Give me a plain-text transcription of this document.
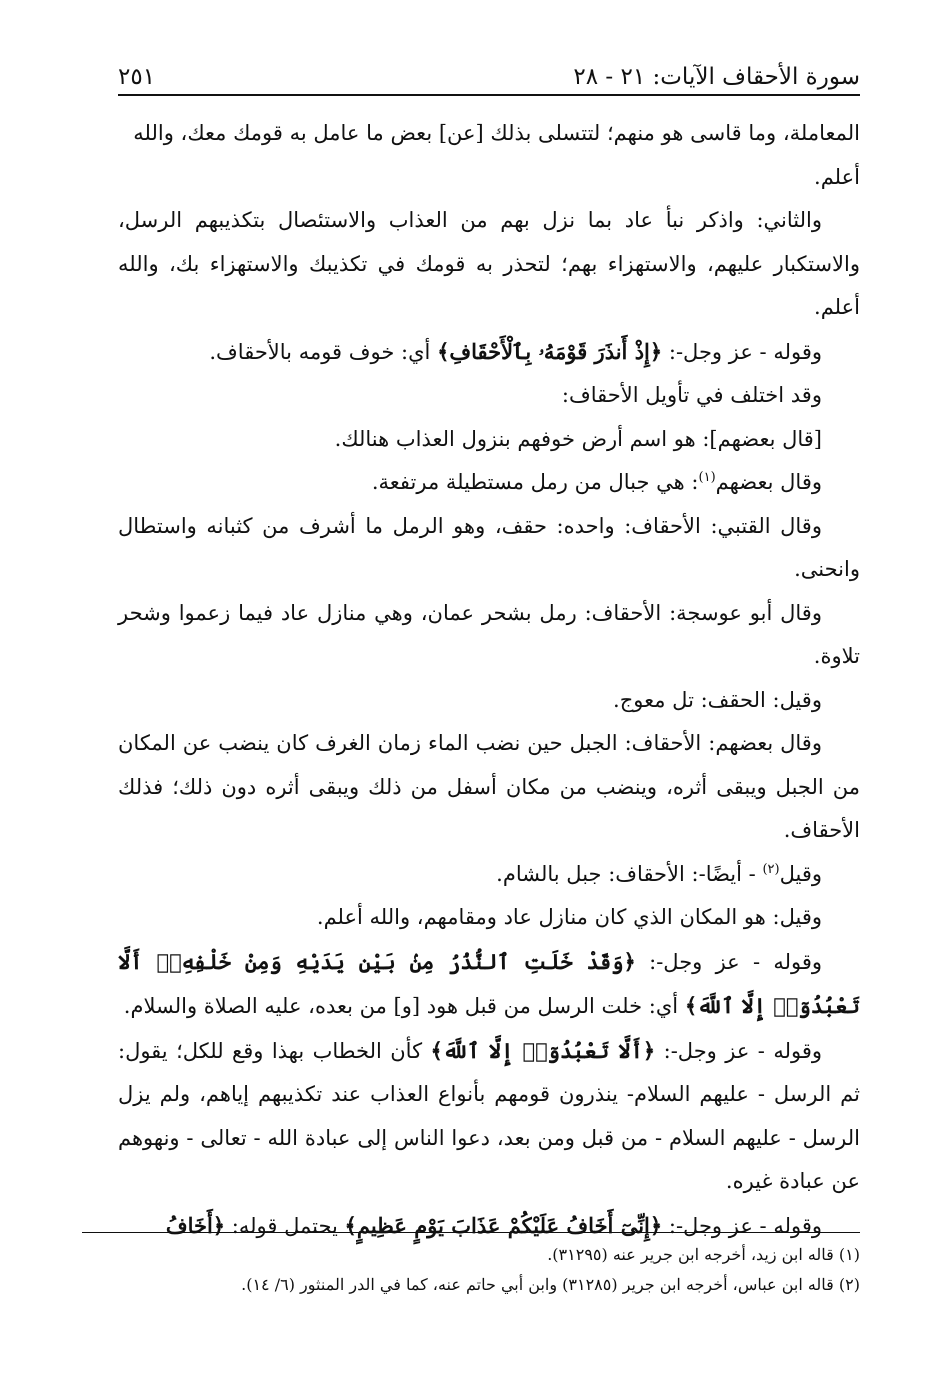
سورة الأحقاف الآيات: ٢١ - ٢٨
٢٥١

المعاملة، وما قاسى هو منهم؛ لتتسلى بذلك [عن] بعض ما عامل به قومك معك، والله
أعلم.

والثاني: واذكر نبأ عاد بما نزل بهم من العذاب والاستئصال بتكذيبهم الرسل، والاستكبار عليهم، والاستهزاء بهم؛ لتحذر به قومك في تكذيبك والاستهزاء بك، والله أعلم.

وقوله - عز وجل-: ﴿إِذْ أَنذَرَ قَوْمَهُۥ بِٱلْأَحْقَافِ﴾ أي: خوف قومه بالأحقاف.

وقد اختلف في تأويل الأحقاف:

[قال بعضهم]: هو اسم أرض خوفهم بنزول العذاب هنالك.

وقال بعضهم$^{(١)}$: هي جبال من رمل مستطيلة مرتفعة.

وقال القتبي: الأحقاف: واحده: حقف، وهو الرمل ما أشرف من كثبانه واستطال وانحنى.

وقال أبو عوسجة: الأحقاف: رمل بشحر عمان، وهي منازل عاد فيما زعموا وشحر تلاوة.

وقيل: الحقف: تل معوج.

وقال بعضهم: الأحقاف: الجبل حين نضب الماء زمان الغرف كان ينضب عن المكان من الجبل ويبقى أثره، وينضب من مكان أسفل من ذلك ويبقى أثره دون ذلك؛ فذلك الأحقاف.

وقيل$^{(٢)}$ - أيضًا-: الأحقاف: جبل بالشام.

وقيل: هو المكان الذي كان منازل عاد ومقامهم، والله أعلم.

وقوله - عز وجل-: ﴿وَقَدْ خَلَتِ ٱلنُّذُرُ مِنۢ بَيْنِ يَدَيْهِ وَمِنْ خَلْفِهِۦٓ أَلَّا تَعْبُدُوٓا۟ إِلَّا ٱللَّهَ﴾ أي: خلت الرسل من قبل هود [و] من بعده، عليه الصلاة والسلام.

وقوله - عز وجل-: ﴿أَلَّا تَعْبُدُوٓا۟ إِلَّا ٱللَّهَ﴾ كأن الخطاب بهذا وقع للكل؛ يقول: ثم الرسل - عليهم السلام- ينذرون قومهم بأنواع العذاب عند تكذيبهم إياهم، ولم يزل الرسل - عليهم السلام - من قبل ومن بعد، دعوا الناس إلى عبادة الله - تعالى - ونهوهم عن عبادة غيره.

وقوله - عز وجل-: ﴿إِنِّىٓ أَخَافُ عَلَيْكُمْ عَذَابَ يَوْمٍ عَظِيمٍ﴾ يحتمل قوله: ﴿أَخَافُ

(١) قاله ابن زيد، أخرجه ابن جرير عنه (٣١٢٩٥).

(٢) قاله ابن عباس، أخرجه ابن جرير (٣١٢٨٥) وابن أبي حاتم عنه، كما في الدر المنثور (٦/ ١٤).
